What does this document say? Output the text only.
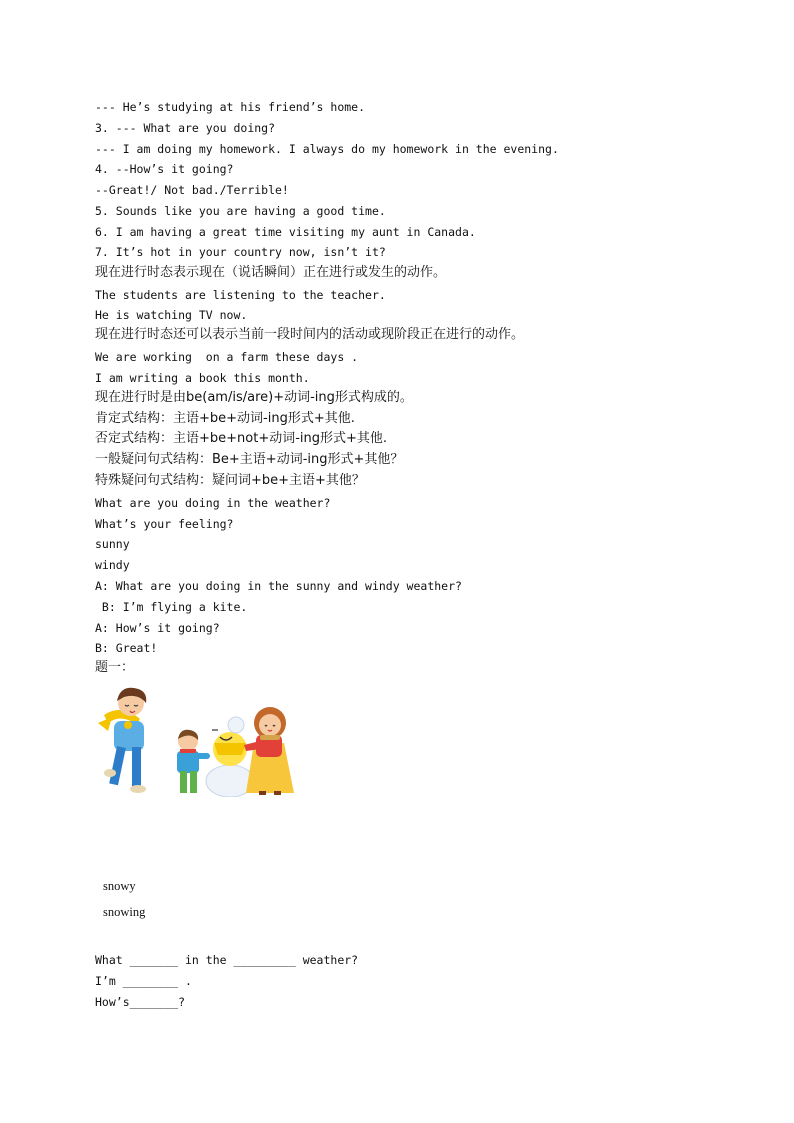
--- He’s studying at his friend’s home.
3. --- What are you doing?
--- I am doing my homework. I always do my homework in the evening.
4. --How’s it going?
--Great!/ Not bad./Terrible!
5. Sounds like you are having a good time.
6. I am having a great time visiting my aunt in Canada.
7. It’s hot in your country now, isn’t it?
现在进行时态表示现在（说话瞬间）正在进行或发生的动作。
The students are listening to the teacher.
He is watching TV now.
现在进行时态还可以表示当前一段时间内的活动或现阶段正在进行的动作。
We are working  on a farm these days .
I am writing a book this month.
现在进行时是由be(am/is/are)+动词-ing形式构成的。
肯定式结构：主语+be+动词-ing形式+其他.
否定式结构：主语+be+not+动词-ing形式+其他.
一般疑问句式结构：Be+主语+动词-ing形式+其他？
特殊疑问句式结构：疑问词+be+主语+其他？
What are you doing in the weather?
What’s your feeling?
sunny
windy
A: What are you doing in the sunny and windy weather?
B: I’m flying a kite.
A: How’s it going?
B: Great!
题一：
snowy
snowing
What _______ in the _________ weather?
I’m ________ .
How’s_______?
